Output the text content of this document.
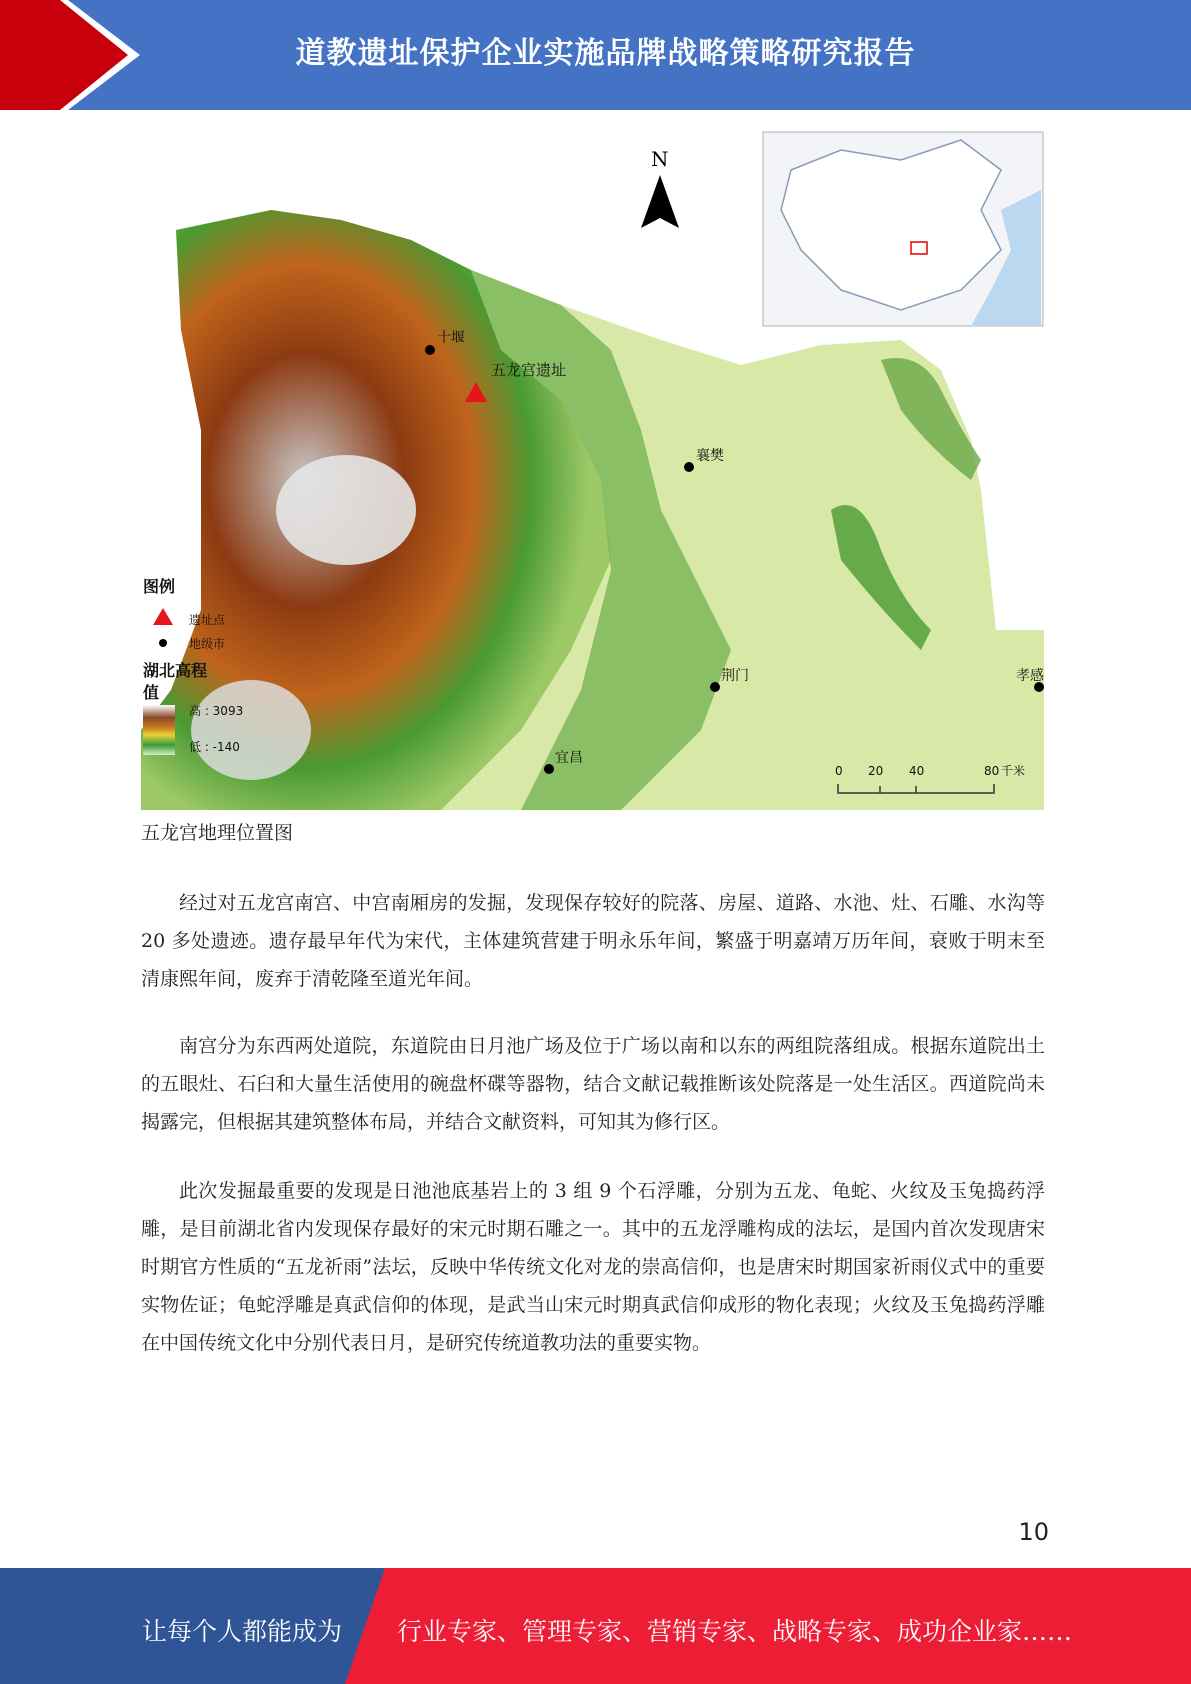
道教遗址保护企业实施品牌战略策略研究报告
N
十堰
五龙宫遗址
襄樊
荆门
宜昌
孝感
图例
遗址点
地级市
湖北高程
值
高 : 3093
低 : -140
0 20 40	80 千米
五龙宫地理位置图

经过对五龙宫南宫、中宫南厢房的发掘，发现保存较好的院落、房屋、道路、水池、灶、石雕、水沟等 20 多处遗迹。遗存最早年代为宋代，主体建筑营建于明永乐年间，繁盛于明嘉靖万历年间，衰败于明末至清康熙年间，废弃于清乾隆至道光年间。

南宫分为东西两处道院，东道院由日月池广场及位于广场以南和以东的两组院落组成。根据东道院出土的五眼灶、石臼和大量生活使用的碗盘杯碟等器物，结合文献记载推断该处院落是一处生活区。西道院尚未揭露完，但根据其建筑整体布局，并结合文献资料，可知其为修行区。

此次发掘最重要的发现是日池池底基岩上的 3 组 9 个石浮雕，分别为五龙、龟蛇、火纹及玉兔捣药浮雕，是目前湖北省内发现保存最好的宋元时期石雕之一。其中的五龙浮雕构成的法坛，是国内首次发现唐宋时期官方性质的“五龙祈雨”法坛，反映中华传统文化对龙的崇高信仰，也是唐宋时期国家祈雨仪式中的重要实物佐证；龟蛇浮雕是真武信仰的体现，是武当山宋元时期真武信仰成形的物化表现；火纹及玉兔捣药浮雕在中国传统文化中分别代表日月，是研究传统道教功法的重要实物。

10
让每个人都能成为 行业专家、管理专家、营销专家、战略专家、成功企业家……
